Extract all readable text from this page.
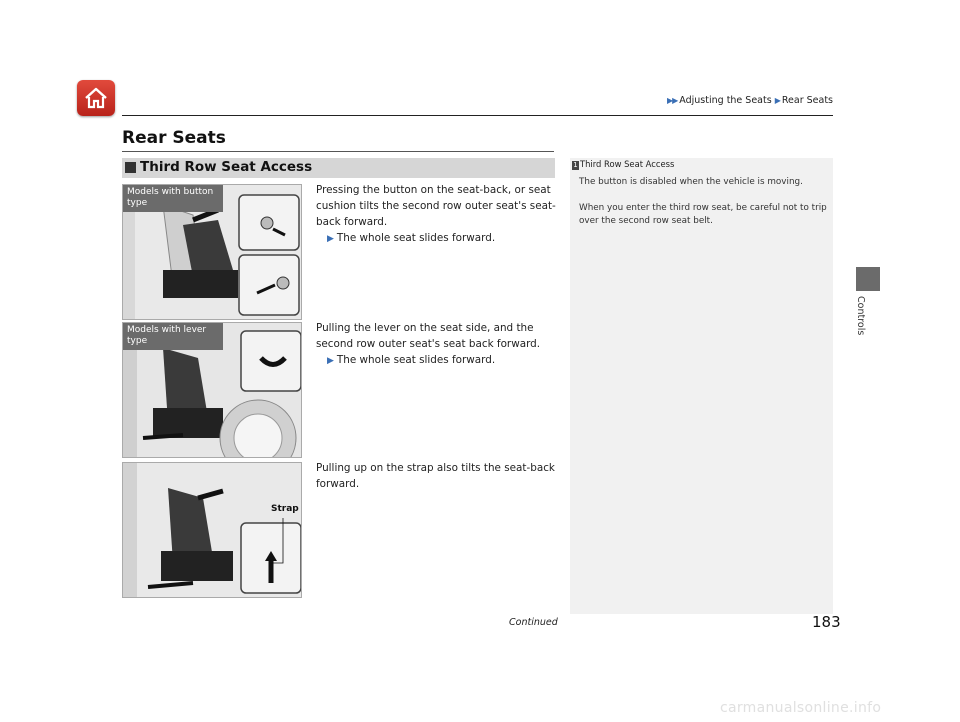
▶▶ Adjusting the Seats ▶ Rear Seats
Rear Seats
Third Row Seat Access
Models with button type
Models with lever type
Strap
Pressing the button on the seat-back, or seat cushion tilts the second row outer seat's seat-back forward.
▶ The whole seat slides forward.
Pulling the lever on the seat side, and the second row outer seat's seat back forward.
▶ The whole seat slides forward.
Pulling up on the strap also tilts the seat-back forward.
1 Third Row Seat Access
The button is disabled when the vehicle is moving.
When you enter the third row seat, be careful not to trip over the second row seat belt.
Controls
Continued	183
carmanualsonline.info
